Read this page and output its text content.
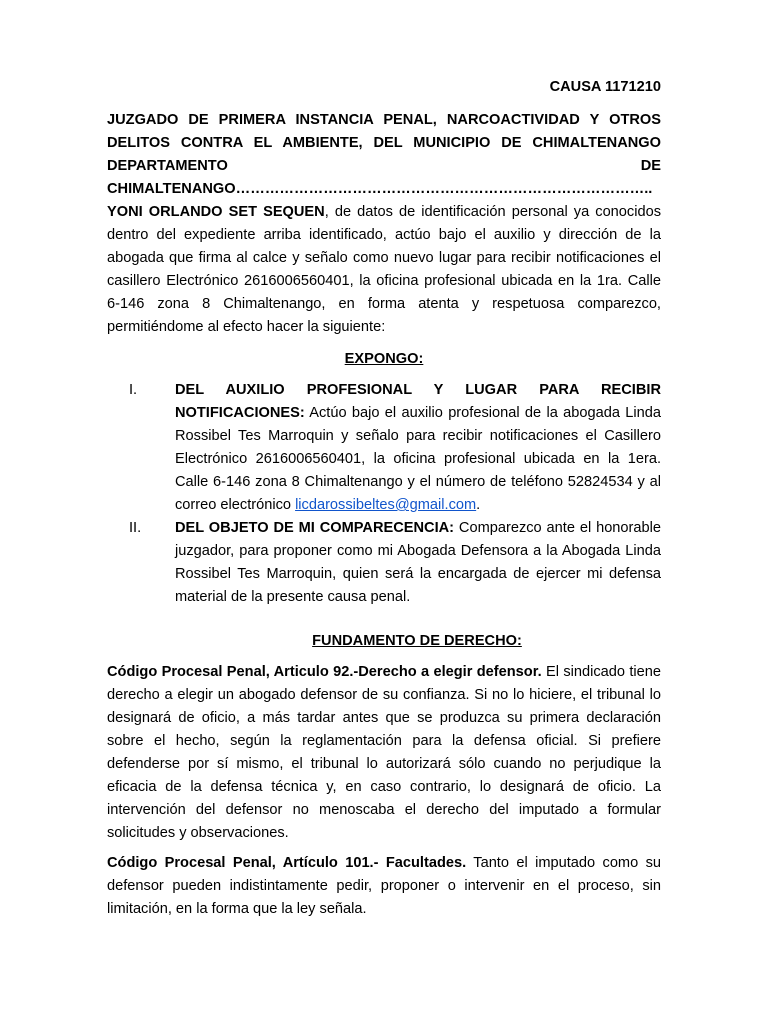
CAUSA 1171210
JUZGADO DE PRIMERA INSTANCIA PENAL, NARCOACTIVIDAD Y OTROS
DELITOS CONTRA EL AMBIENTE, DEL MUNICIPIO DE CHIMALTENANGO
DEPARTAMENTO	DE
CHIMALTENANGO…………………………………………………………………………..
YONI ORLANDO SET SEQUEN, de datos de identificación personal ya conocidos dentro del expediente arriba identificado, actúo bajo el auxilio y dirección de la abogada que firma al calce y señalo como nuevo lugar para recibir notificaciones el casillero Electrónico 2616006560401, la oficina profesional ubicada en la 1ra. Calle 6-146 zona 8 Chimaltenango, en forma atenta y respetuosa comparezco, permitiéndome al efecto hacer la siguiente:
EXPONGO:
I.	DEL AUXILIO PROFESIONAL Y LUGAR PARA RECIBIR NOTIFICACIONES: Actúo bajo el auxilio profesional de la abogada Linda Rossibel Tes Marroquin y señalo para recibir notificaciones el Casillero Electrónico 2616006560401, la oficina profesional ubicada en la 1era. Calle 6-146 zona 8 Chimaltenango y el número de teléfono 52824534 y al correo electrónico licdarossibeltes@gmail.com.
II. DEL OBJETO DE MI COMPARECENCIA: Comparezco ante el honorable juzgador, para proponer como mi Abogada Defensora a la Abogada Linda Rossibel Tes Marroquin, quien será la encargada de ejercer mi defensa material de la presente causa penal.
FUNDAMENTO DE DERECHO:
Código Procesal Penal, Articulo 92.-Derecho a elegir defensor. El sindicado tiene derecho a elegir un abogado defensor de su confianza. Si no lo hiciere, el tribunal lo designará de oficio, a más tardar antes que se produzca su primera declaración sobre el hecho, según la reglamentación para la defensa oficial. Si prefiere defenderse por sí mismo, el tribunal lo autorizará sólo cuando no perjudique la eficacia de la defensa técnica y, en caso contrario, lo designará de oficio. La intervención del defensor no menoscaba el derecho del imputado a formular solicitudes y observaciones.
Código Procesal Penal, Artículo 101.- Facultades. Tanto el imputado como su defensor pueden indistintamente pedir, proponer o intervenir en el proceso, sin limitación, en la forma que la ley señala.
